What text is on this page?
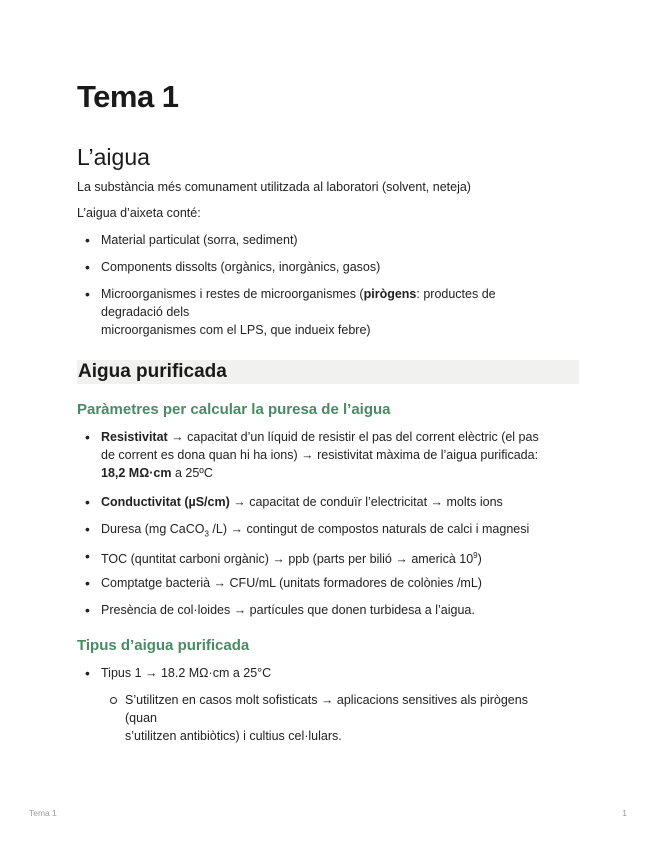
Tema 1
L’aigua

La substància més comunament utilitzada al laboratori (solvent, neteja)

L’aigua d’aixeta conté:

• Material particulat (sorra, sediment)
• Components dissolts (orgànics, inorgànics, gasos)
• Microorganismes i restes de microorganismes (pirògens: productes de
degradació dels
microorganismes com el LPS, que indueix febre)
Aigua purificada
Paràmetres per calcular la puresa de l’aigua
• Resistivitat → capacitat d’un líquid de resistir el pas del corrent elèctric (el pas
de corrent es dona quan hi ha ions) → resistivitat màxima de l’aigua purificada:
18,2 MΩ·cm a 25ºC
• Conductivitat (µS/cm) → capacitat de conduïr l’electricitat → molts ions
• Duresa (mg CaCO$_3$ /L) → contingut de compostos naturals de calci i magnesi
• TOC (quntitat carboni orgànic) → ppb (parts per bilió → americà $10^9$)
• Comptatge bacterià → CFU/mL (unitats formadores de colònies /mL)
• Presència de col·loides → partícules que donen turbidesa a l’aigua.
Tipus d’aigua purificada
• Tipus 1 → 18.2 MΩ·cm a 25°C
S’utilitzen en casos molt sofisticats → aplicacions sensitives als pirògens
(quan
s’utilitzen antibiòtics) i cultius cel·lulars.
Tema 1	1
